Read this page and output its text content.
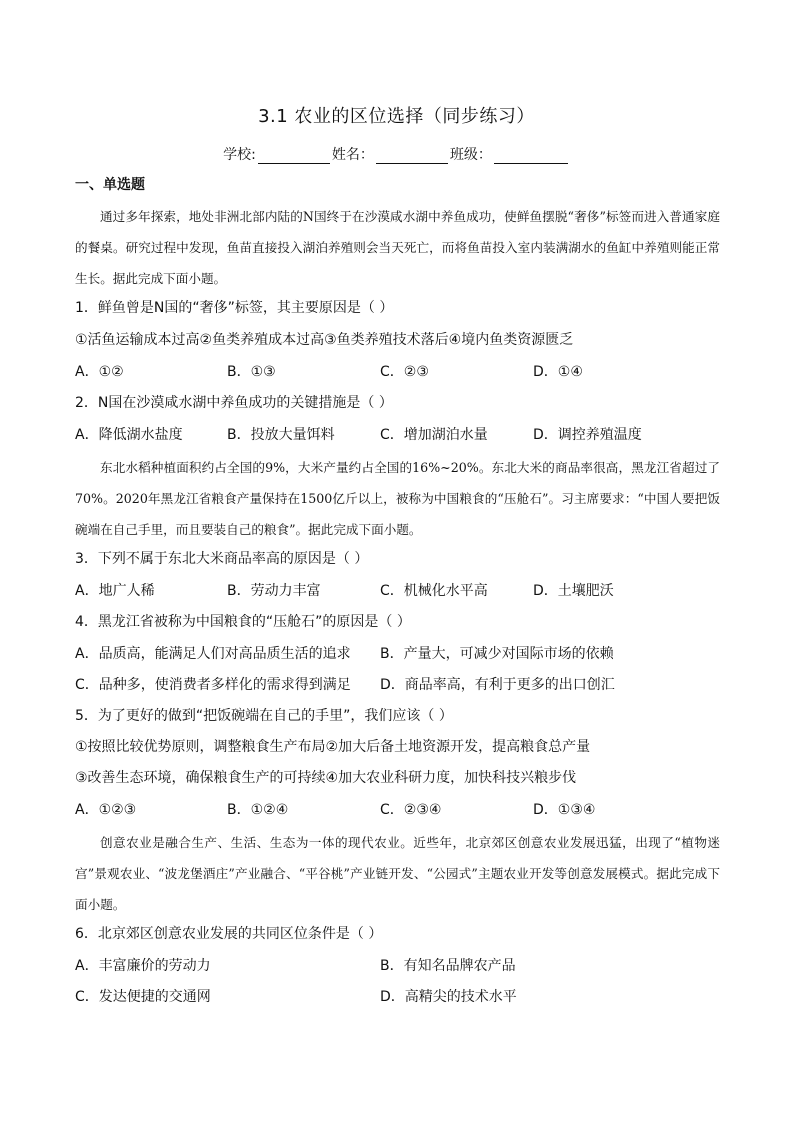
3.1 农业的区位选择（同步练习）
学校:	姓名：	班级：
一、单选题
通过多年探索，地处非洲北部内陆的N国终于在沙漠咸水湖中养鱼成功，使鲜鱼摆脱“奢侈”标签而进入普通家庭的餐桌。研究过程中发现，鱼苗直接投入湖泊养殖则会当天死亡，而将鱼苗投入室内装满湖水的鱼缸中养殖则能正常生长。据此完成下面小题。
1．鲜鱼曾是N国的“奢侈”标签，其主要原因是（ ）
①活鱼运输成本过高②鱼类养殖成本过高③鱼类养殖技术落后④境内鱼类资源匮乏
A．①②	B．①③	C．②③	D．①④
2．N国在沙漠咸水湖中养鱼成功的关键措施是（ ）
A．降低湖水盐度	B．投放大量饵料	C．增加湖泊水量	D．调控养殖温度
东北水稻种植面积约占全国的9%，大米产量约占全国的16%~20%。东北大米的商品率很高，黑龙江省超过了70%。2020年黑龙江省粮食产量保持在1500亿斤以上，被称为中国粮食的“压舱石”。习主席要求：“中国人要把饭碗端在自己手里，而且要装自己的粮食”。据此完成下面小题。
3．下列不属于东北大米商品率高的原因是（ ）
A．地广人稀	B．劳动力丰富	C．机械化水平高	D．土壤肥沃
4．黑龙江省被称为中国粮食的“压舱石”的原因是（ ）
A．品质高，能满足人们对高品质生活的追求 B．产量大，可减少对国际市场的依赖
C．品种多，使消费者多样化的需求得到满足 D．商品率高，有利于更多的出口创汇
5．为了更好的做到“把饭碗端在自己的手里”，我们应该（ ）
①按照比较优势原则，调整粮食生产布局②加大后备土地资源开发，提高粮食总产量
③改善生态环境，确保粮食生产的可持续④加大农业科研力度，加快科技兴粮步伐
A．①②③	B．①②④	C．②③④	D．①③④
创意农业是融合生产、生活、生态为一体的现代农业。近些年，北京郊区创意农业发展迅猛，出现了“植物迷宫”景观农业、“波龙堡酒庄”产业融合、“平谷桃”产业链开发、“公园式”主题农业开发等创意发展模式。据此完成下面小题。
6．北京郊区创意农业发展的共同区位条件是（ ）
A．丰富廉价的劳动力	B．有知名品牌农产品
C．发达便捷的交通网	D．高精尖的技术水平
